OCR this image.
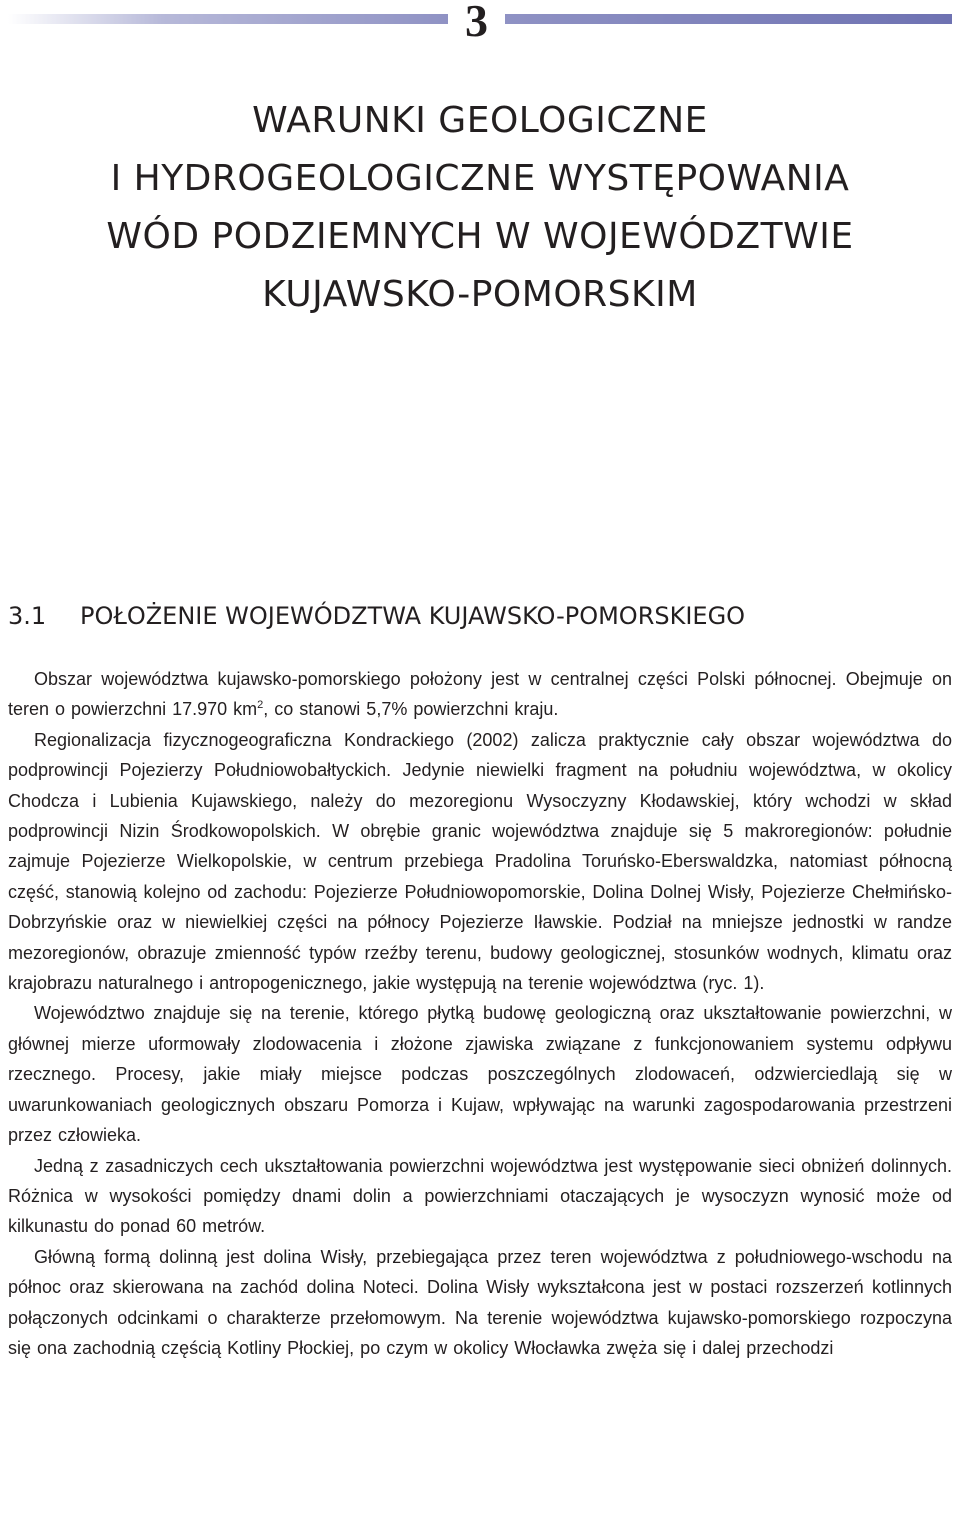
3
WARUNKI GEOLOGICZNE
I HYDROGEOLOGICZNE WYSTĘPOWANIA
WÓD PODZIEMNYCH W WOJEWÓDZTWIE
KUJAWSKO-POMORSKIM
3.1 POŁOŻENIE WOJEWÓDZTWA KUJAWSKO-POMORSKIEGO

Obszar województwa kujawsko-pomorskiego położony jest w centralnej części Polski północnej. Obejmuje on teren o powierzchni 17.970 $km^2$, co stanowi 5,7% powierzchni kraju.

Regionalizacja fizycznogeograficzna Kondrackiego (2002) zalicza praktycznie cały obszar województwa do podprowincji Pojezierzy Południowobałtyckich. Jedynie niewielki fragment na południu województwa, w okolicy Chodcza i Lubienia Kujawskiego, należy do mezoregionu Wysoczyzny Kłodawskiej, który wchodzi w skład podprowincji Nizin Środkowopolskich. W obrębie granic województwa znajduje się 5 makroregionów: południe zajmuje Pojezierze Wielkopolskie, w centrum przebiega Pradolina Toruńsko-Eberswaldzka, natomiast północną część, stanowią kolejno od zachodu: Pojezierze Południowopomorskie, Dolina Dolnej Wisły, Pojezierze Chełmińsko-Dobrzyńskie oraz w niewielkiej części na północy Pojezierze Iławskie. Podział na mniejsze jednostki w randze mezoregionów, obrazuje zmienność typów rzeźby terenu, budowy geologicznej, stosunków wodnych, klimatu oraz krajobrazu naturalnego i antropogenicznego, jakie występują na terenie województwa (ryc. 1).

Województwo znajduje się na terenie, którego płytką budowę geologiczną oraz ukształtowanie powierzchni, w głównej mierze uformowały zlodowacenia i złożone zjawiska związane z funkcjonowaniem systemu odpływu rzecznego. Procesy, jakie miały miejsce podczas poszczególnych zlodowaceń, odzwierciedlają się w uwarunkowaniach geologicznych obszaru Pomorza i Kujaw, wpływając na warunki zagospodarowania przestrzeni przez człowieka.

Jedną z zasadniczych cech ukształtowania powierzchni województwa jest występowanie sieci obniżeń dolinnych. Różnica w wysokości pomiędzy dnami dolin a powierzchniami otaczających je wysoczyzn wynosić może od kilkunastu do ponad 60 metrów.

Główną formą dolinną jest dolina Wisły, przebiegająca przez teren województwa z południowego-wschodu na północ oraz skierowana na zachód dolina Noteci. Dolina Wisły wykształcona jest w postaci rozszerzeń kotlinnych połączonych odcinkami o charakterze przełomowym. Na terenie województwa kujawsko-pomorskiego rozpoczyna się ona zachodnią częścią Kotliny Płockiej, po czym w okolicy Włocławka zwęża się i dalej przechodzi
